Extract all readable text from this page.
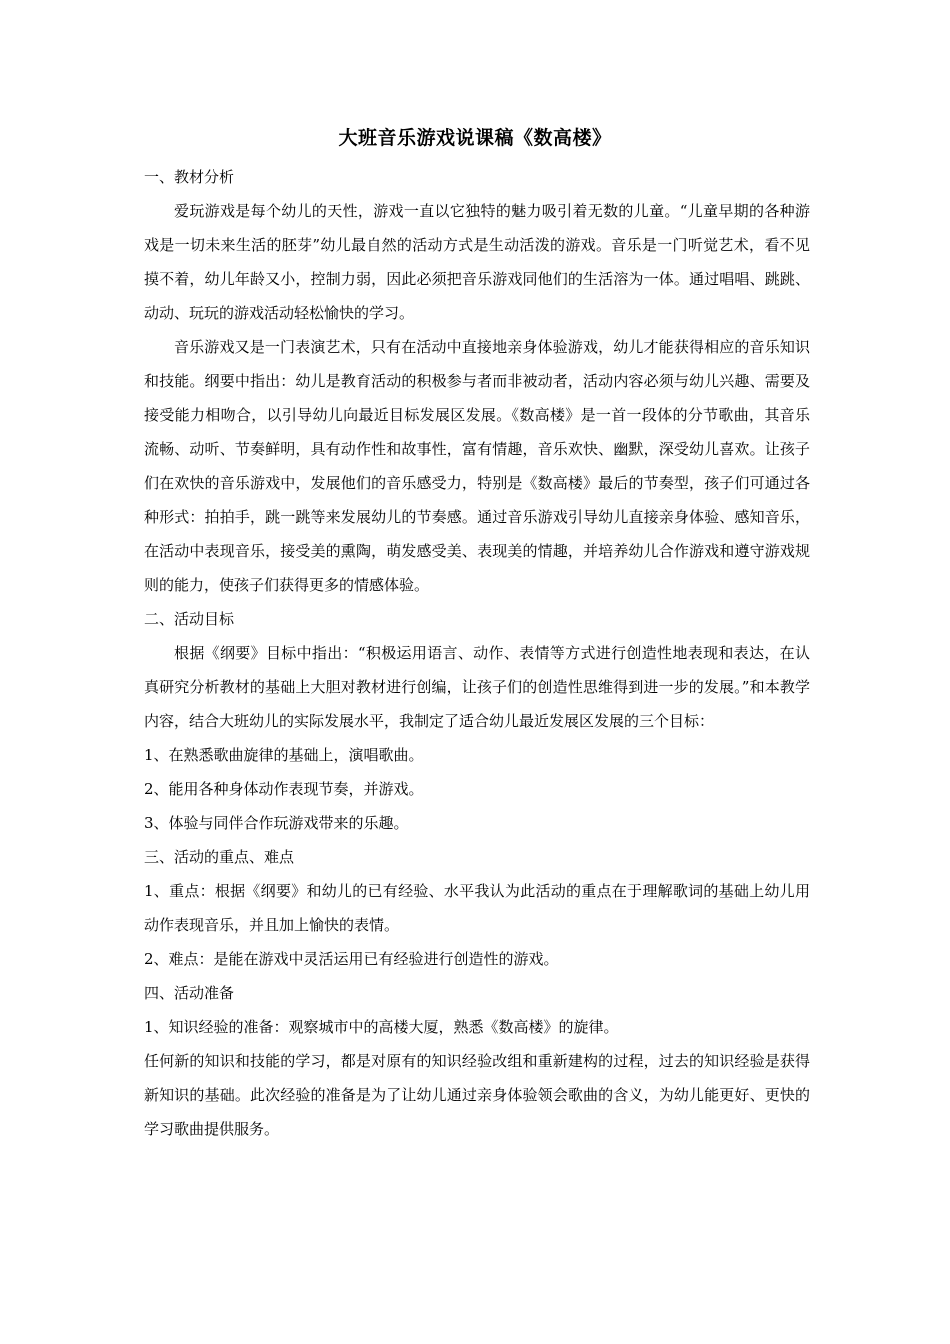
大班音乐游戏说课稿《数高楼》

一、教材分析

爱玩游戏是每个幼儿的天性，游戏一直以它独特的魅力吸引着无数的儿童。“儿童早期的各种游戏是一切未来生活的胚芽”幼儿最自然的活动方式是生动活泼的游戏。音乐是一门听觉艺术，看不见摸不着，幼儿年龄又小，控制力弱，因此必须把音乐游戏同他们的生活溶为一体。通过唱唱、跳跳、动动、玩玩的游戏活动轻松愉快的学习。

音乐游戏又是一门表演艺术，只有在活动中直接地亲身体验游戏，幼儿才能获得相应的音乐知识和技能。纲要中指出：幼儿是教育活动的积极参与者而非被动者，活动内容必须与幼儿兴趣、需要及接受能力相吻合，以引导幼儿向最近目标发展区发展。《数高楼》是一首一段体的分节歌曲，其音乐流畅、动听、节奏鲜明，具有动作性和故事性，富有情趣，音乐欢快、幽默，深受幼儿喜欢。让孩子们在欢快的音乐游戏中，发展他们的音乐感受力，特别是《数高楼》最后的节奏型，孩子们可通过各种形式：拍拍手，跳一跳等来发展幼儿的节奏感。通过音乐游戏引导幼儿直接亲身体验、感知音乐，在活动中表现音乐，接受美的熏陶，萌发感受美、表现美的情趣，并培养幼儿合作游戏和遵守游戏规则的能力，使孩子们获得更多的情感体验。

二、活动目标

根据《纲要》目标中指出：“积极运用语言、动作、表情等方式进行创造性地表现和表达，在认真研究分析教材的基础上大胆对教材进行创编，让孩子们的创造性思维得到进一步的发展。”和本教学内容，结合大班幼儿的实际发展水平，我制定了适合幼儿最近发展区发展的三个目标：

1、在熟悉歌曲旋律的基础上，演唱歌曲。

2、能用各种身体动作表现节奏，并游戏。

3、体验与同伴合作玩游戏带来的乐趣。

三、活动的重点、难点

1、重点：根据《纲要》和幼儿的已有经验、水平我认为此活动的重点在于理解歌词的基础上幼儿用动作表现音乐，并且加上愉快的表情。

2、难点：是能在游戏中灵活运用已有经验进行创造性的游戏。

四、活动准备

1、知识经验的准备：观察城市中的高楼大厦，熟悉《数高楼》的旋律。

任何新的知识和技能的学习，都是对原有的知识经验改组和重新建构的过程，过去的知识经验是获得新知识的基础。此次经验的准备是为了让幼儿通过亲身体验领会歌曲的含义，为幼儿能更好、更快的学习歌曲提供服务。
